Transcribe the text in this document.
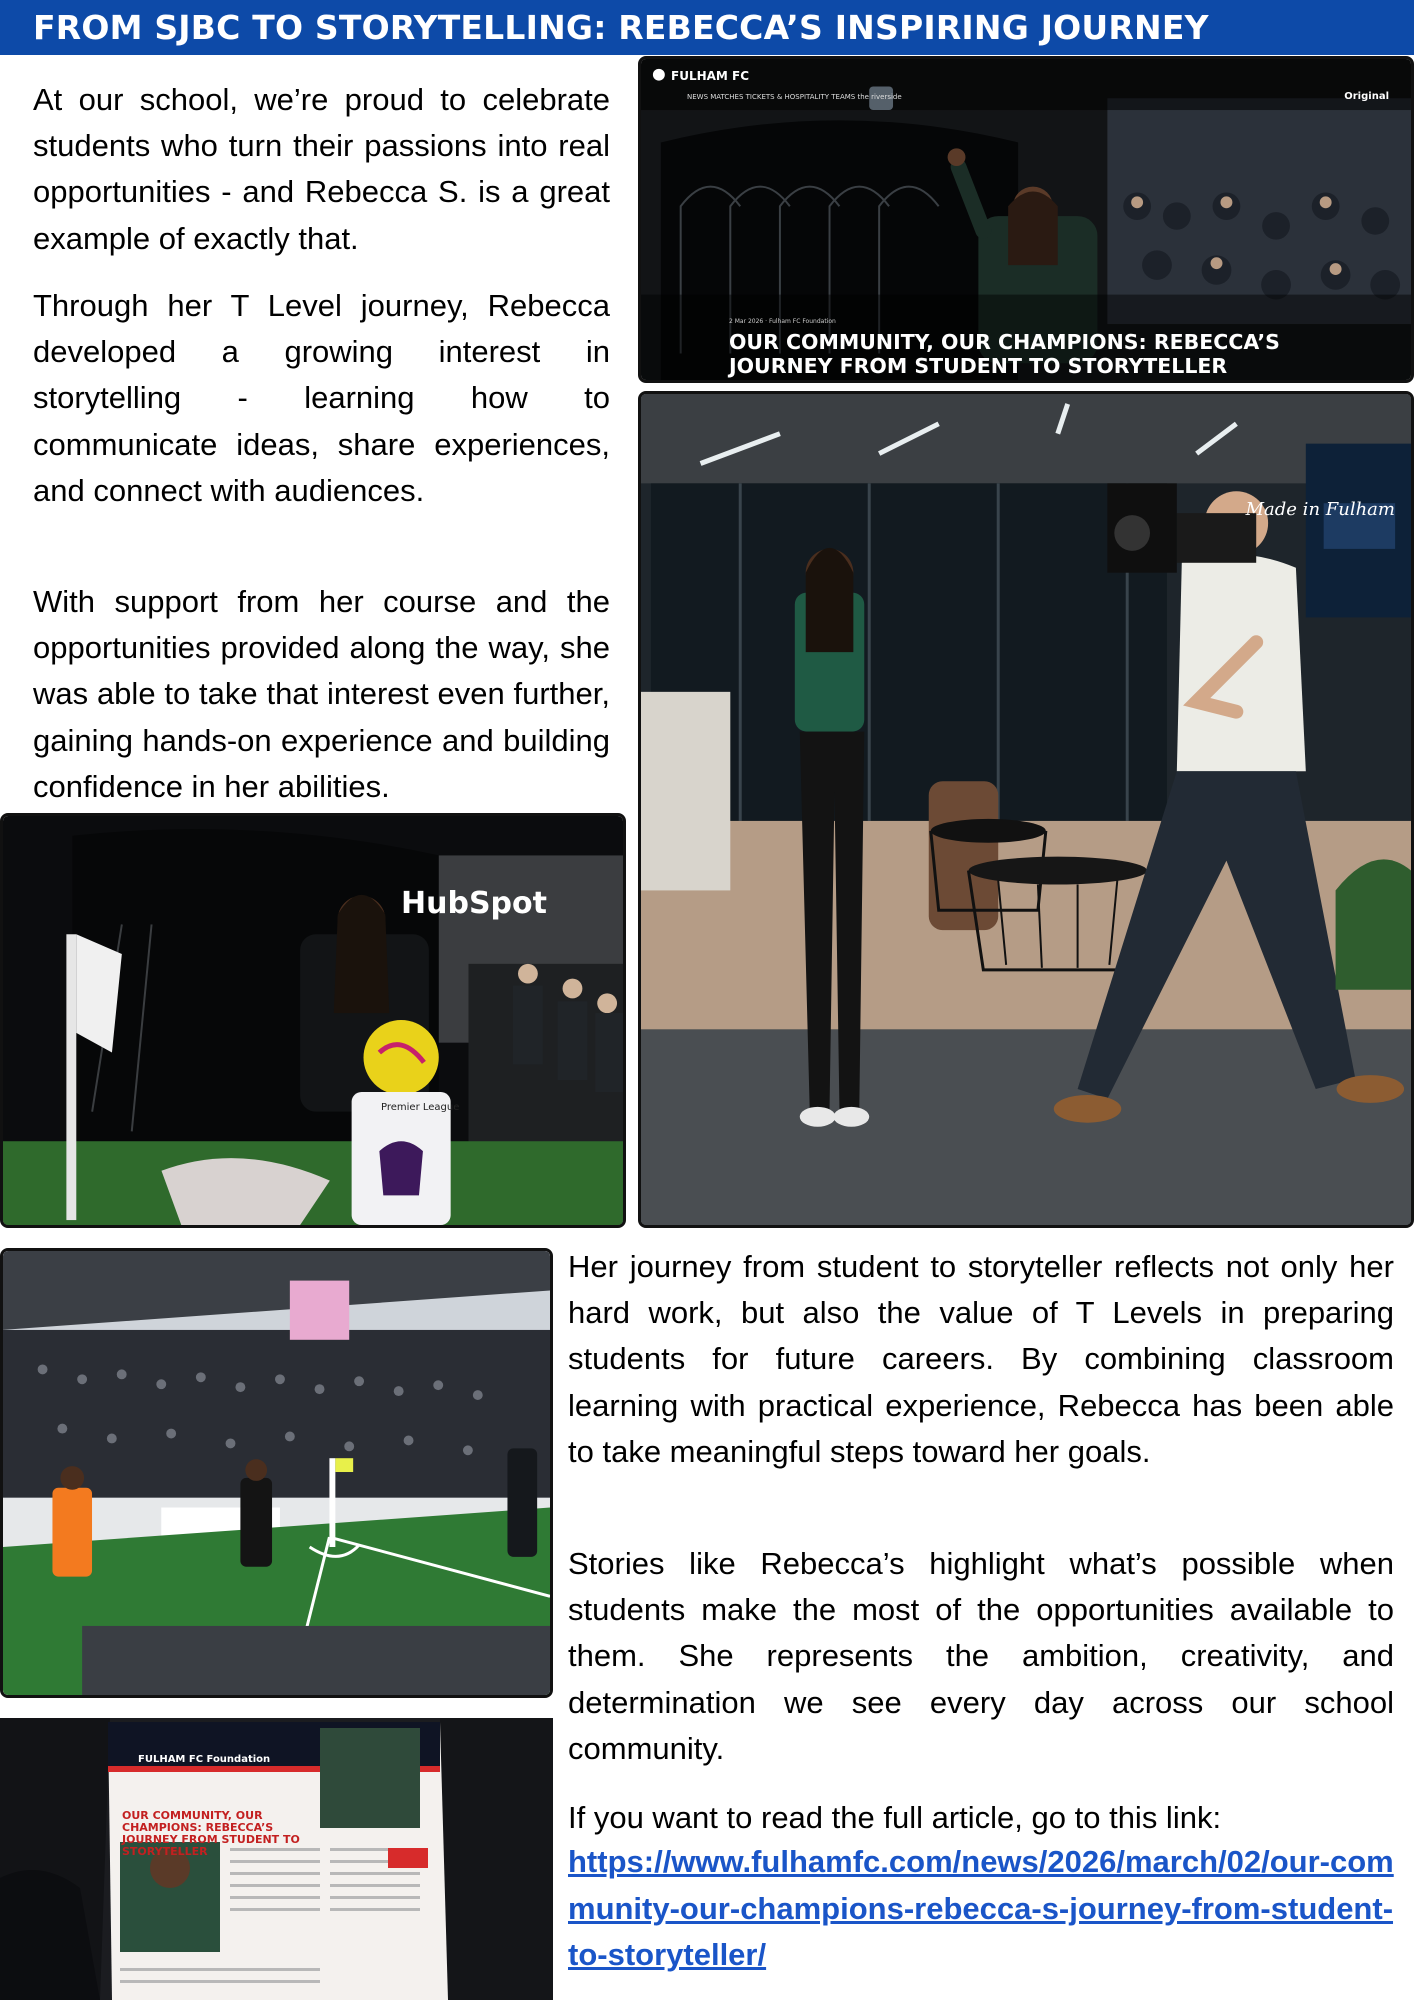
FROM SJBC TO STORYTELLING: REBECCA’S INSPIRING JOURNEY

At our school, we’re proud to celebrate students who turn their passions into real opportunities - and Rebecca S. is a great example of exactly that.

Through her T Level journey, Rebecca developed a growing interest in storytelling - learning how to communicate ideas, share experiences, and connect with audiences.

With support from her course and the opportunities provided along the way, she was able to take that interest even further, gaining hands-on experience and building confidence in her abilities.

FULHAM FC
NEWS MATCHES TICKETS & HOSPITALITY TEAMS the riverside	Original
2 Mar 2026 · Fulham FC Foundation
OUR COMMUNITY, OUR CHAMPIONS: REBECCA’S JOURNEY FROM STUDENT TO STORYTELLER
Made in Fulham
HubSpot
Premier League
FULHAM FC Foundation
OUR COMMUNITY, OUR CHAMPIONS: REBECCA’S JOURNEY FROM STUDENT TO STORYTELLER

Her journey from student to storyteller reflects not only her hard work, but also the value of T Levels in preparing students for future careers. By combining classroom learning with practical experience, Rebecca has been able to take meaningful steps toward her goals.

Stories like Rebecca’s highlight what’s possible when students make the most of the opportunities available to them. She represents the ambition, creativity, and determination we see every day across our school community.

If you want to read the full article, go to this link:
https://www.fulhamfc.com/news/2026/march/02/our-community-our-champions-rebecca-s-journey-from-student-to-storyteller/
